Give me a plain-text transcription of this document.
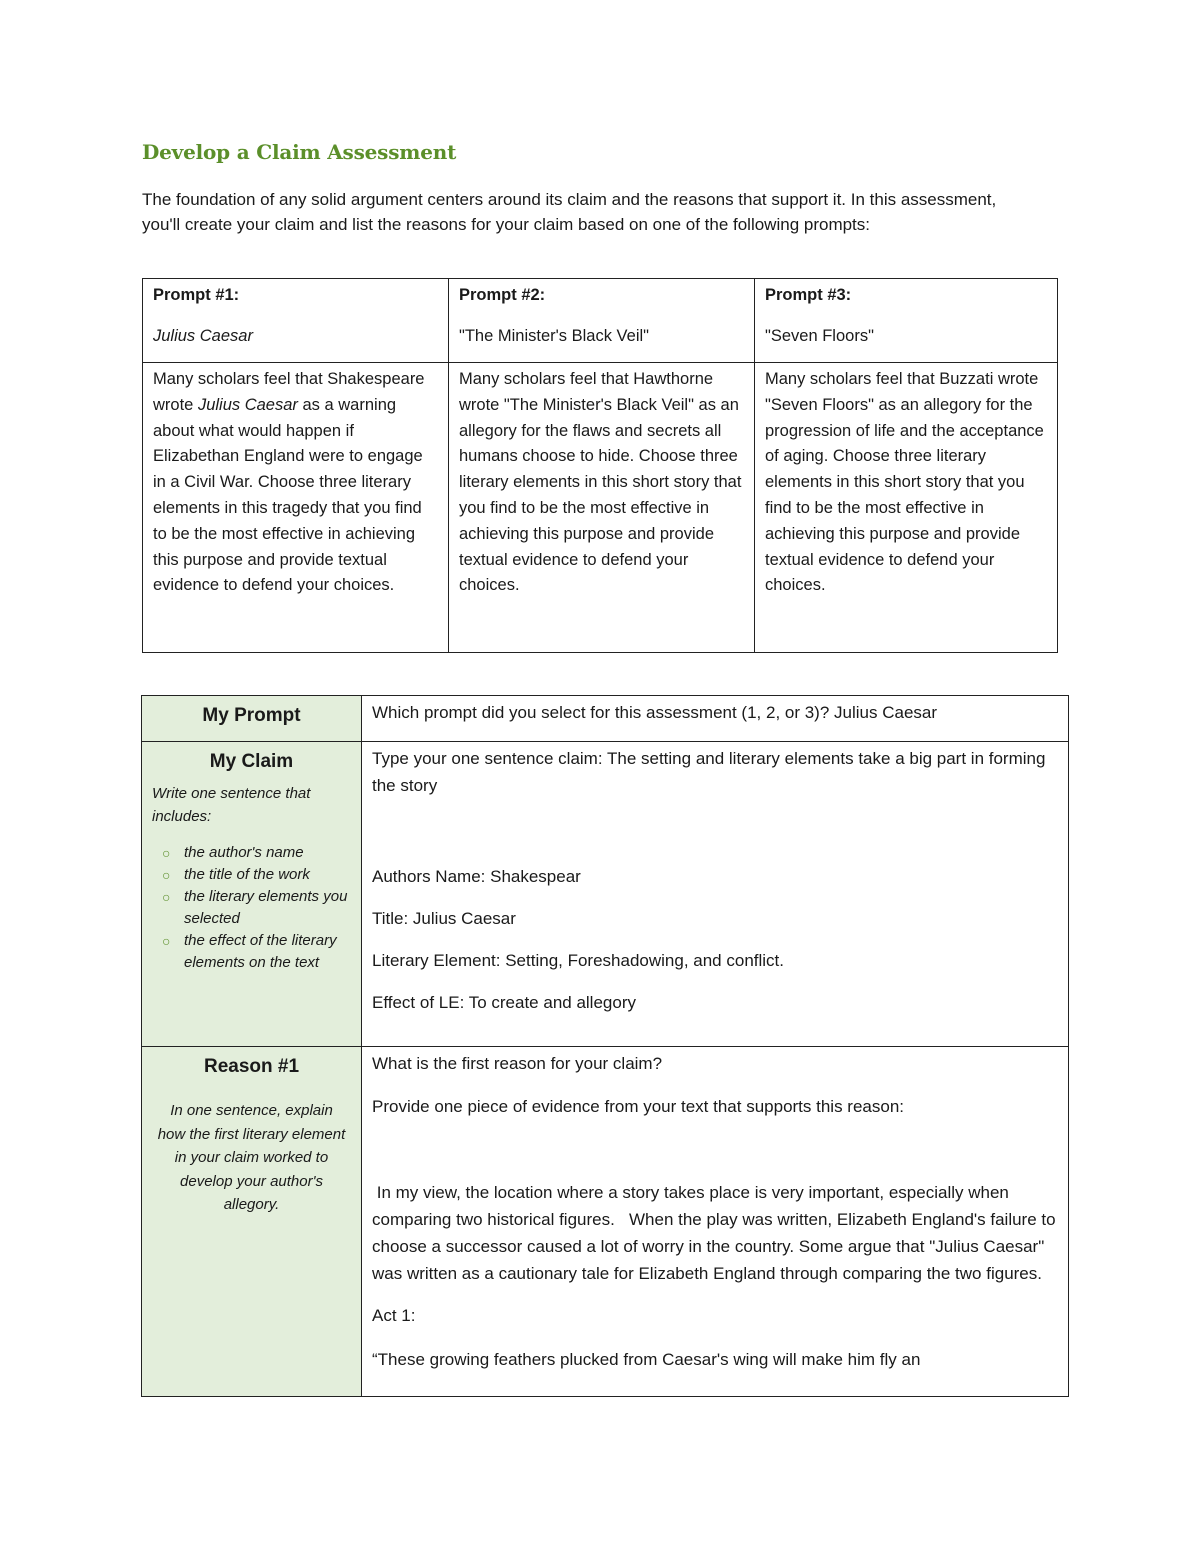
Develop a Claim Assessment

The foundation of any solid argument centers around its claim and the reasons that support it. In this assessment, you'll create your claim and list the reasons for your claim based on one of the following prompts:

Prompt #1:

Julius Caesar

Prompt #2:

"The Minister's Black Veil"

Prompt #3:

"Seven Floors"

Many scholars feel that Shakespeare wrote Julius Caesar as a warning about what would happen if Elizabethan England were to engage in a Civil War. Choose three literary elements in this tragedy that you find to be the most effective in achieving this purpose and provide textual evidence to defend your choices.
Many scholars feel that Hawthorne wrote "The Minister's Black Veil" as an allegory for the flaws and secrets all humans choose to hide. Choose three literary elements in this short story that you find to be the most effective in achieving this purpose and provide textual evidence to defend your choices.
Many scholars feel that Buzzati wrote "Seven Floors" as an allegory for the progression of life and the acceptance of aging. Choose three literary elements in this short story that you find to be the most effective in achieving this purpose and provide textual evidence to defend your choices.

My Prompt	Which prompt did you select for this assessment (1, 2, or 3)? Julius Caesar

My Claim

Write one sentence that includes:

○ the author's name
○ the title of the work
○ the literary elements you selected
○ the effect of the literary elements on the text

Type your one sentence claim: The setting and literary elements take a big part in forming the story

Authors Name: Shakespear

Title: Julius Caesar

Literary Element: Setting, Foreshadowing, and conflict.

Effect of LE: To create and allegory

Reason #1

In one sentence, explain how the first literary element in your claim worked to develop your author's allegory.

What is the first reason for your claim?

Provide one piece of evidence from your text that supports this reason:

In my view, the location where a story takes place is very important, especially when comparing two historical figures.   When the play was written, Elizabeth England's failure to choose a successor caused a lot of worry in the country. Some argue that "Julius Caesar" was written as a cautionary tale for Elizabeth England through comparing the two figures.

Act 1:

“These growing feathers plucked from Caesar's wing will make him fly an
